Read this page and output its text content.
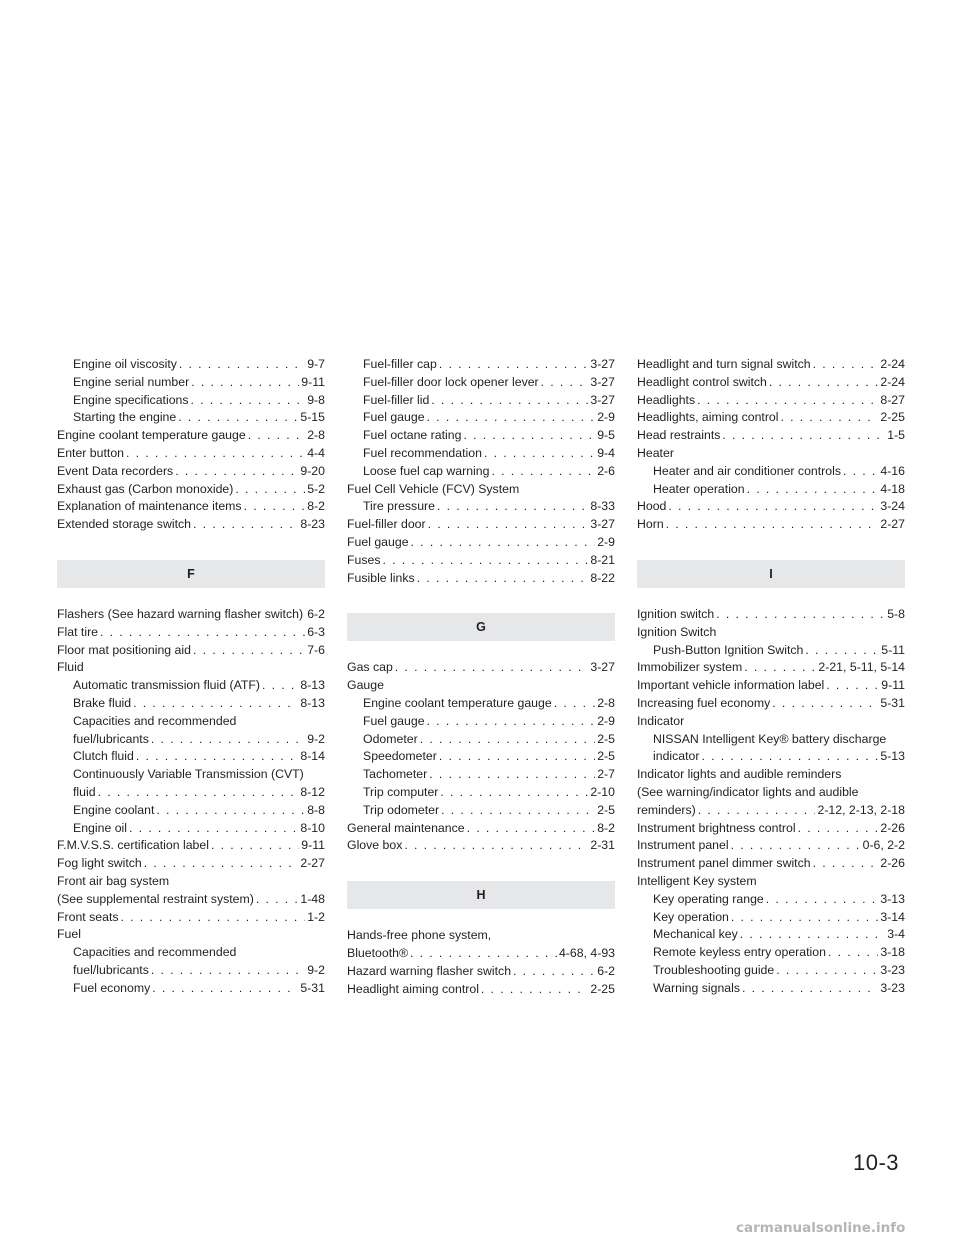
Engine oil viscosity . . .	9-7
Engine serial number . . .	9-11
Engine specifications . . .	9-8
Starting the engine . . .	5-15
Engine coolant temperature gauge . . .	2-8
Enter button . . .	4-4
Event Data recorders . . .	9-20
Exhaust gas (Carbon monoxide) . . .	5-2
Explanation of maintenance items . . .	8-2
Extended storage switch . . .	8-23
F
Flashers (See hazard warning flasher switch) . . . 6-2
Flat tire . . .	6-3
Floor mat positioning aid . . .	7-6
Fluid
Automatic transmission fluid (ATF) . . .	8-13
Brake fluid . . .	8-13
Capacities and recommended
fuel/lubricants . . .	9-2
Clutch fluid . . .	8-14
Continuously Variable Transmission (CVT)
fluid . . .	8-12
Engine coolant . . .	8-8
Engine oil . . .	8-10
F.M.V.S.S. certification label . . .	9-11
Fog light switch . . .	2-27
Front air bag system
(See supplemental restraint system) . . .	1-48
Front seats . . .	1-2
Fuel
Capacities and recommended
fuel/lubricants . . .	9-2
Fuel economy . . .	5-31
Fuel-filler cap . . .	3-27
Fuel-filler door lock opener lever . . .	3-27
Fuel-filler lid . . .	3-27
Fuel gauge . . .	2-9
Fuel octane rating . . .	9-5
Fuel recommendation . . .	9-4
Loose fuel cap warning . . .	2-6
Fuel Cell Vehicle (FCV) System
Tire pressure . . .	8-33
Fuel-filler door . . .	3-27
Fuel gauge . . .	2-9
Fuses . . .	8-21
Fusible links . . .	8-22
G
Gas cap . . .	3-27
Gauge
Engine coolant temperature gauge . . .	2-8
Fuel gauge . . .	2-9
Odometer . . .	2-5
Speedometer . . .	2-5
Tachometer . . .	2-7
Trip computer . . .	2-10
Trip odometer . . .	2-5
General maintenance . . .	8-2
Glove box . . .	2-31
H
Hands-free phone system,
Bluetooth® . . .	4-68, 4-93
Hazard warning flasher switch . . .	6-2
Headlight aiming control . . .	2-25
Headlight and turn signal switch . . .	2-24
Headlight control switch . . .	2-24
Headlights . . .	8-27
Headlights, aiming control . . .	2-25
Head restraints . . .	1-5
Heater
Heater and air conditioner controls . . .	4-16
Heater operation . . .	4-18
Hood . . .	3-24
Horn . . .	2-27
I
Ignition switch . . .	5-8
Ignition Switch
Push-Button Ignition Switch . . .	5-11
Immobilizer system . . .	2-21, 5-11, 5-14
Important vehicle information label . . .	9-11
Increasing fuel economy . . .	5-31
Indicator
NISSAN Intelligent Key® battery discharge
indicator . . .	5-13
Indicator lights and audible reminders
(See warning/indicator lights and audible
reminders) . . .	2-12, 2-13, 2-18
Instrument brightness control . . .	2-26
Instrument panel . . .	0-6, 2-2
Instrument panel dimmer switch . . .	2-26
Intelligent Key system
Key operating range . . .	3-13
Key operation . . .	3-14
Mechanical key . . .	3-4
Remote keyless entry operation . . .	3-18
Troubleshooting guide . . .	3-23
Warning signals . . .	3-23
10-3
carmanualsonline.info
